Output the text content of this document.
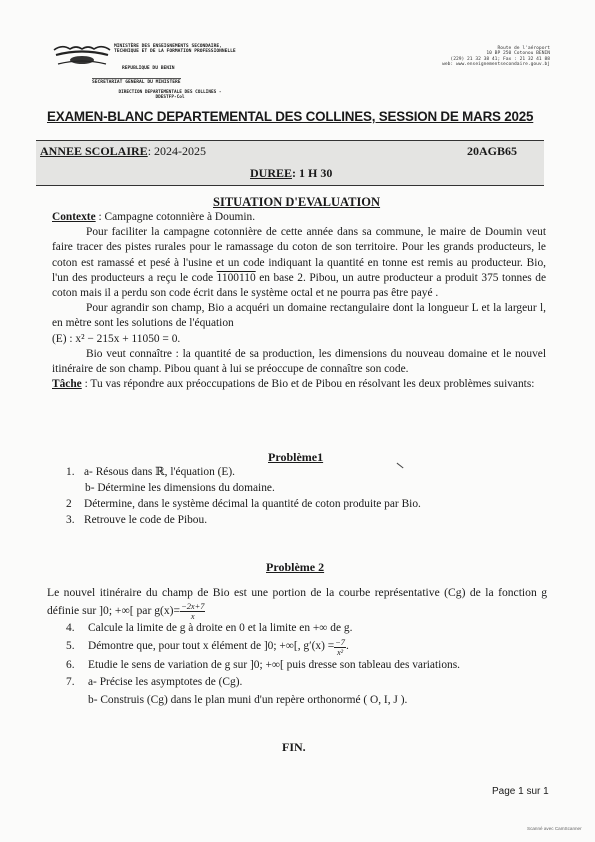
MINISTÈRE DES ENSEIGNEMENTS SECONDAIRE, TECHNIQUE ET DE LA FORMATION PROFESSIONNELLE
REPUBLIQUE DU BENIN
SECRETARIAT GENERAL DU MINISTERE
DIRECTION DEPARTEMENTALE DES COLLINES - DDESTFP-Col
Route de l'aéroport
10 BP 250 Cotonou BENIN
(229) 21 32 38 41; Fax : 21 32 41 88
web: www.enseignementsecondaire.gouv.bj
EXAMEN-BLANC DEPARTEMENTAL DES COLLINES, SESSION DE MARS 2025
ANNEE SCOLAIRE: 2024-2025	20AGB65
DUREE: 1 H 30
SITUATION D'EVALUATION

Contexte : Campagne cotonnière à Doumin.

Pour faciliter la campagne cotonnière de cette année dans sa commune, le maire de Doumin veut faire tracer des pistes rurales pour le ramassage du coton de son territoire. Pour les grands producteurs, le coton est ramassé et pesé à l'usine et un code indiquant la quantité en tonne est remis au producteur. Bio, l'un des producteurs a reçu le code 1100110 en base 2. Pibou, un autre producteur a produit 375 tonnes de coton mais il a perdu son code écrit dans le système octal et ne pourra pas être payé .

Pour agrandir son champ, Bio a acquéri un domaine rectangulaire dont la longueur L et la largeur l, en mètre sont les solutions de l'équation

(E) : x² − 215x + 11050 = 0.

Bio veut connaître : la quantité de sa production, les dimensions du nouveau domaine et le nouvel itinéraire de son champ. Pibou quant à lui se préoccupe de connaître son code.

Tâche : Tu vas répondre aux préoccupations de Bio et de Pibou en résolvant les deux problèmes suivants:

Problème1
1. a- Résous dans ℝ, l'équation (E).
b- Détermine les dimensions du domaine.
2	Détermine, dans le système décimal la quantité de coton produite par Bio.
3. Retrouve le code de Pibou.
Problème 2
Le nouvel itinéraire du champ de Bio est une portion de la courbe représentative (Cg) de la fonction g définie sur ]0; +∞[ par $g(x)= \frac{-2x+7}{x}$
4.	Calcule la limite de g à droite en 0 et la limite en +∞ de g.
5.	Démontre que, pour tout x élément de ]0; +∞[, $g'(x) = \frac{-7}{\text{x²}}$ .
6.	Etudie le sens de variation de g sur ]0; +∞[ puis dresse son tableau des variations.
7.	a- Précise les asymptotes de (Cg).
b- Construis (Cg) dans le plan muni d'un repère orthonormé ( O, I, J ).
FIN.
Page 1 sur 1
Scanné avec CamScanner
